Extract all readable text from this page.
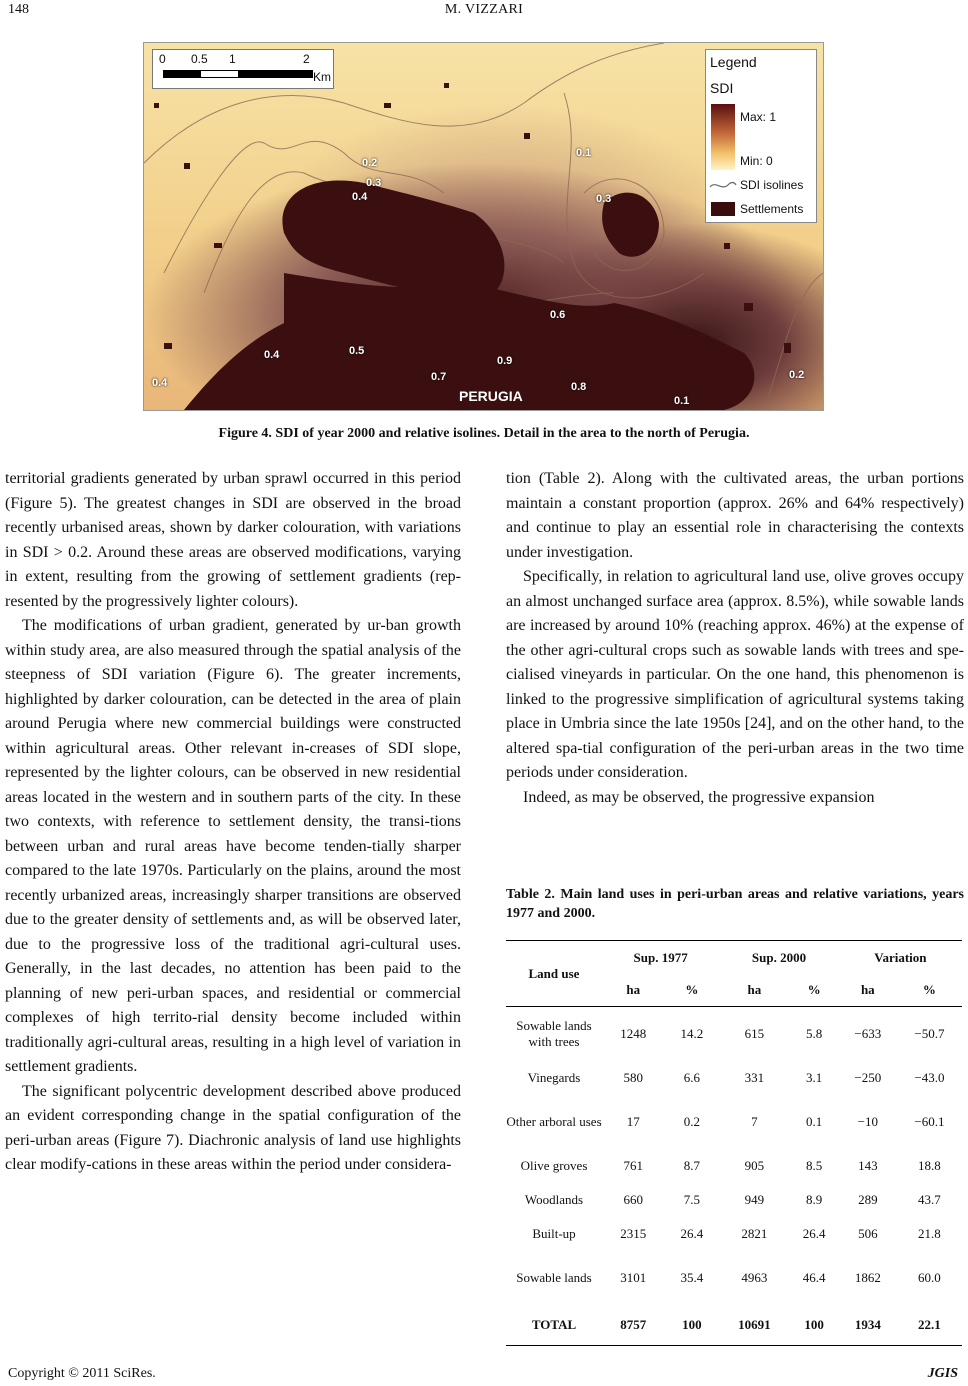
148	M. VIZZARI
0 0.5 1	2
Km
Legend
SDI
Max: 1
Min: 0
SDI isolines
Settlements
0.2
0.3
0.4
0.1
0.3
0.6
0.4	0.5
0.7
0.9
0.8
0.4
0.1
0.2
PERUGIA
Figure 4. SDI of year 2000 and relative isolines. Detail in the area to the north of Perugia.

territorial gradients generated by urban sprawl occurred in this period (Figure 5). The greatest changes in SDI are observed in the broad recently urbanised areas, shown by darker colouration, with variations in SDI > 0.2. Around these areas are observed modifications, varying in extent, resulting from the growing of settlement gradients (rep-resented by the progressively lighter colours).

The modifications of urban gradient, generated by ur-ban growth within study area, are also measured through the spatial analysis of the steepness of SDI variation (Figure 6). The greater increments, highlighted by darker colouration, can be detected in the area of plain around Perugia where new commercial buildings were constructed within agricultural areas. Other relevant in-creases of SDI slope, represented by the lighter colours, can be observed in new residential areas located in the western and in southern parts of the city. In these two contexts, with reference to settlement density, the transi-tions between urban and rural areas have become tenden-tially sharper compared to the late 1970s. Particularly on the plains, around the most recently urbanized areas, increasingly sharper transitions are observed due to the greater density of settlements and, as will be observed later, due to the progressive loss of the traditional agri-cultural uses. Generally, in the last decades, no attention has been paid to the planning of new peri-urban spaces, and residential or commercial complexes of high territo-rial density become included within traditionally agri-cultural areas, resulting in a high level of variation in settlement gradients.

The significant polycentric development described above produced an evident corresponding change in the spatial configuration of the peri-urban areas (Figure 7). Diachronic analysis of land use highlights clear modify-cations in these areas within the period under considera-

tion (Table 2). Along with the cultivated areas, the urban portions maintain a constant proportion (approx. 26% and 64% respectively) and continue to play an essential role in characterising the contexts under investigation.

Specifically, in relation to agricultural land use, olive groves occupy an almost unchanged surface area (approx. 8.5%), while sowable lands are increased by around 10% (reaching approx. 46%) at the expense of the other agri-cultural crops such as sowable lands with trees and spe-cialised vineyards in particular. On the one hand, this phenomenon is linked to the progressive simplification of agricultural systems taking place in Umbria since the late 1950s [24], and on the other hand, to the altered spa-tial configuration of the peri-urban areas in the two time periods under consideration.

Indeed, as may be observed, the progressive expansion

Table 2. Main land uses in peri-urban areas and relative variations, years 1977 and 2000.
Land use	Sup. 1977		Sup. 2000		Variation	
	ha	%	ha	%	ha	%
Sowable lands with trees	1248	14.2	615	5.8	−633	−50.7
Vinegards	580	6.6	331	3.1	−250	−43.0
Other arboral uses	17	0.2	7	0.1	−10	−60.1
Olive groves	761	8.7	905	8.5	143	18.8
Woodlands	660	7.5	949	8.9	289	43.7
Built-up	2315	26.4	2821	26.4	506	21.8
Sowable lands	3101	35.4	4963	46.4	1862	60.0
TOTAL	8757	100	10691	100	1934	22.1
Copyright © 2011 SciRes.	JGIS
